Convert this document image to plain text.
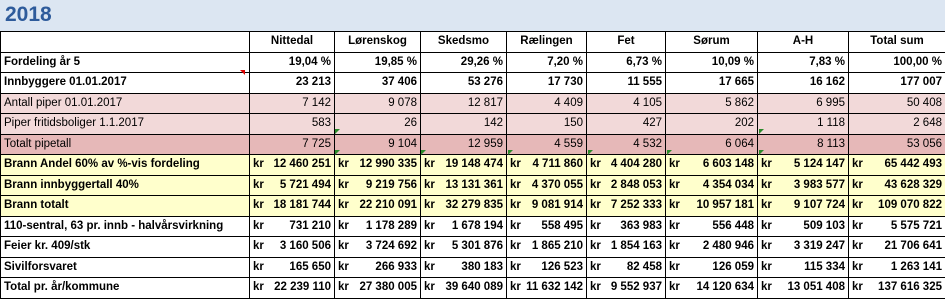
2018
	Nittedal	Lørenskog	Skedsmo	Rælingen	Fet	Sørum	A-H	Total sum
Fordeling år 5	19,04 %	19,85 %	29,26 %	7,20 %	6,73 %	10,09 %	7,83 %	100,00 %
Innbyggere 01.01.2017	23 213	37 406	53 276	17 730	11 555	17 665	16 162	177 007
Antall piper 01.01.2017	7 142	9 078	12 817	4 409	4 105	5 862	6 995	50 408
Piper fritidsboliger 1.1.2017	583	26	142	150	427	202	1 118	2 648
Totalt pipetall	7 725	9 104	12 959	4 559	4 532	6 064	8 113	53 056
Brann Andel 60% av %-vis fordeling	kr 12 460 251	kr 12 990 335	kr 19 148 474	kr 4 711 860	kr 4 404 280	kr 6 603 148	kr 5 124 147	kr 65 442 493

Brann innbyggertall 40%	kr 5 721 494	kr 9 219 756	kr 13 131 361	kr 4 370 055	kr 2 848 053	kr 4 354 034	kr 3 983 577	kr 43 628 329

Brann totalt	kr 18 181 744	kr 22 210 091	kr 32 279 835	kr 9 081 914	kr 7 252 333	kr 10 957 181	kr 9 107 724	kr 109 070 822

110-sentral, 63 pr. innb - halvårsvirkning	kr 731 210	kr 1 178 289	kr 1 678 194	kr 558 495	kr 363 983	kr 556 448	kr 509 103	kr 5 575 721

Feier kr. 409/stk	kr 3 160 506	kr 3 724 692	kr 5 301 876	kr 1 865 210	kr 1 854 163	kr 2 480 946	kr 3 319 247	kr 21 706 641

Sivilforsvaret	kr 165 650	kr 266 933	kr 380 183	kr 126 523	kr 82 458	kr 126 059	kr 115 334	kr 1 263 141

Total pr. år/kommune	kr 22 239 110	kr 27 380 005	kr 39 640 089	kr 11 632 142	kr 9 552 937	kr 14 120 634	kr 13 051 408	kr 137 616 325
